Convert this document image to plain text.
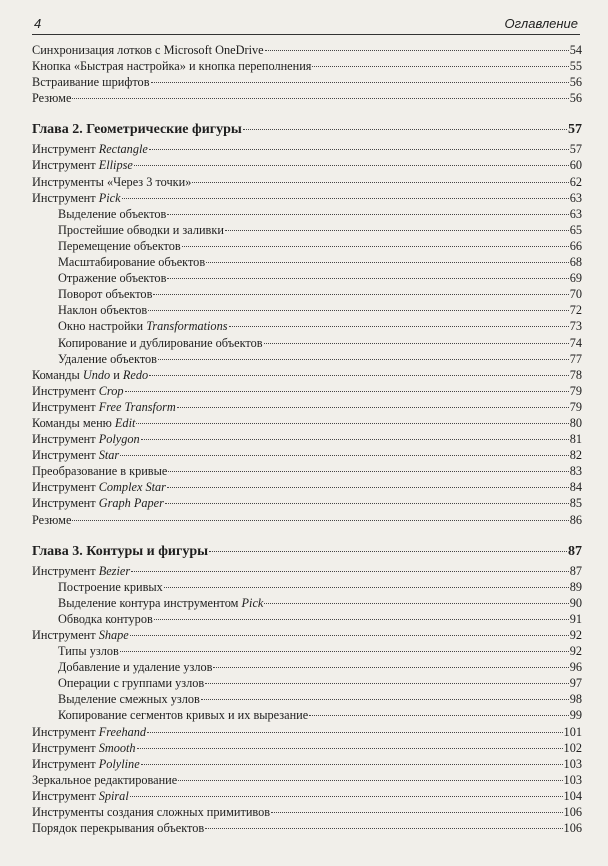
4	Оглавление
Синхронизация лотков с Microsoft OneDrive	54
Кнопка «Быстрая настройка» и кнопка переполнения	55
Встраивание шрифтов	56
Резюме	56
Глава 2. Геометрические фигуры	57
Инструмент Rectangle	57
Инструмент Ellipse	60
Инструменты «Через 3 точки»	62
Инструмент Pick	63
Выделение объектов	63
Простейшие обводки и заливки	65
Перемещение объектов	66
Масштабирование объектов	68
Отражение объектов	69
Поворот объектов	70
Наклон объектов	72
Окно настройки Transformations	73
Копирование и дублирование объектов	74
Удаление объектов	77
Команды Undo и Redo	78
Инструмент Crop	79
Инструмент Free Transform	79
Команды меню Edit	80
Инструмент Polygon	81
Инструмент Star	82
Преобразование в кривые	83
Инструмент Complex Star	84
Инструмент Graph Paper	85
Резюме	86
Глава 3. Контуры и фигуры	87
Инструмент Bezier	87
Построение кривых	89
Выделение контура инструментом Pick	90
Обводка контуров	91
Инструмент Shape	92
Типы узлов	92
Добавление и удаление узлов	96
Операции с группами узлов	97
Выделение смежных узлов	98
Копирование сегментов кривых и их вырезание	99
Инструмент Freehand	101
Инструмент Smooth	102
Инструмент Polyline	103
Зеркальное редактирование	103
Инструмент Spiral	104
Инструменты создания сложных примитивов	106
Порядок перекрывания объектов	106
